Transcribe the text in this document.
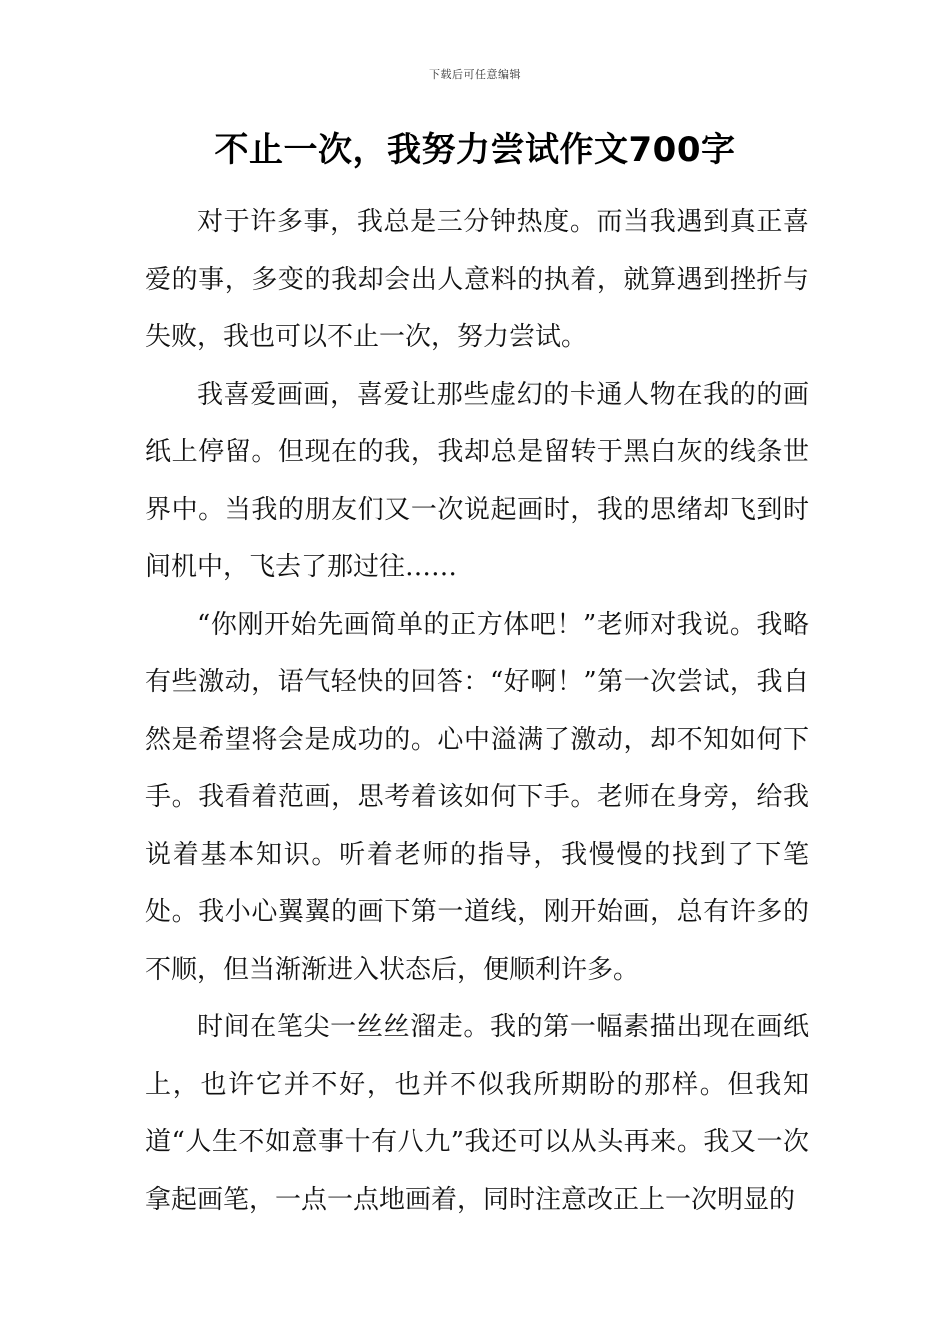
下载后可任意编辑
不止一次，我努力尝试作文700字

对于许多事，我总是三分钟热度。而当我遇到真正喜爱的事，多变的我却会出人意料的执着，就算遇到挫折与失败，我也可以不止一次，努力尝试。

我喜爱画画，喜爱让那些虚幻的卡通人物在我的的画纸上停留。但现在的我，我却总是留转于黑白灰的线条世界中。当我的朋友们又一次说起画时，我的思绪却飞到时间机中，飞去了那过往……

“你刚开始先画简单的正方体吧！”老师对我说。我略有些激动，语气轻快的回答：“好啊！”第一次尝试，我自然是希望将会是成功的。心中溢满了激动，却不知如何下手。我看着范画，思考着该如何下手。老师在身旁，给我说着基本知识。听着老师的指导，我慢慢的找到了下笔处。我小心翼翼的画下第一道线，刚开始画，总有许多的不顺，但当渐渐进入状态后，便顺利许多。

时间在笔尖一丝丝溜走。我的第一幅素描出现在画纸上，也许它并不好，也并不似我所期盼的那样。但我知道“人生不如意事十有八九”我还可以从头再来。我又一次拿起画笔，一点一点地画着，同时注意改正上一次明显的
